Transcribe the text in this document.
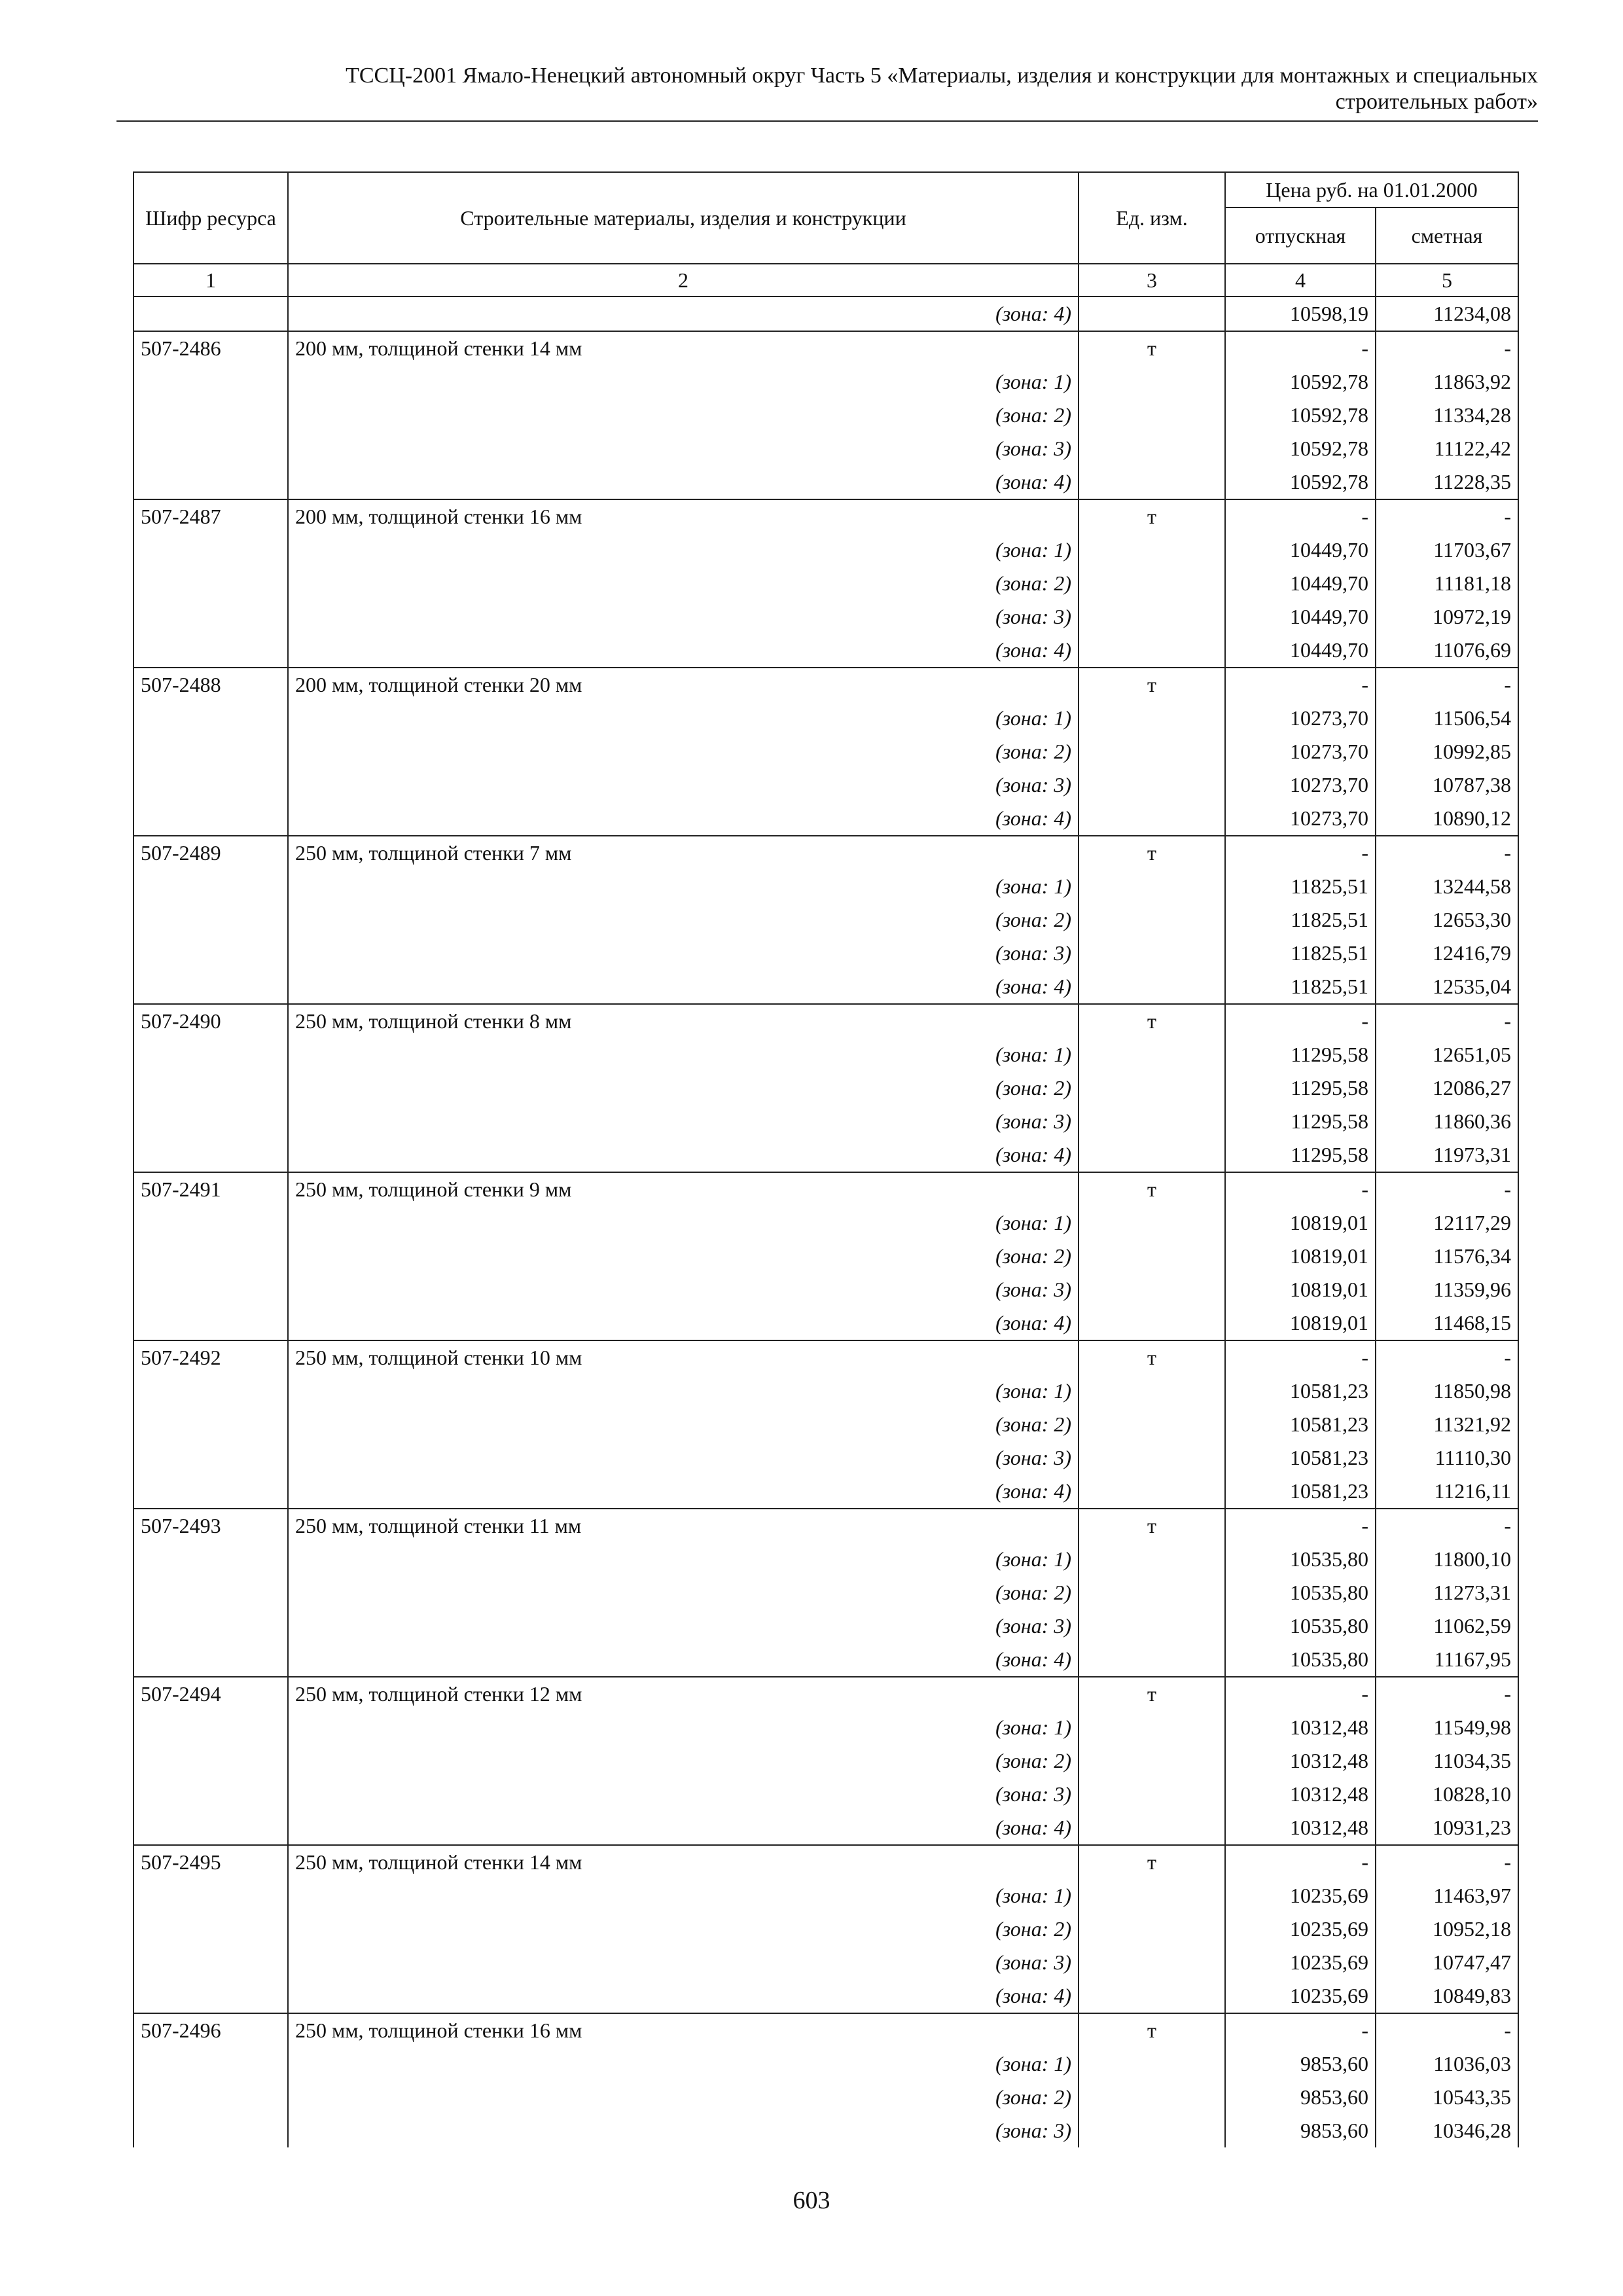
ТССЦ-2001 Ямало-Ненецкий автономный округ Часть 5 «Материалы, изделия и конструкции для монтажных и специальных
строительных работ»
Шифр ресурса	Строительные материалы, изделия и конструкции	Ед. изм.	Цена руб. на 01.01.2000	
			отпускная	сметная
1	2	3	4	5
	(зона: 4)		10598,19	11234,08
507-2486	200 мм, толщиной стенки 14 мм	т	-	-
	(зона: 1)		10592,78	11863,92
	(зона: 2)		10592,78	11334,28
	(зона: 3)		10592,78	11122,42
	(зона: 4)		10592,78	11228,35
507-2487	200 мм, толщиной стенки 16 мм	т	-	-
	(зона: 1)		10449,70	11703,67
	(зона: 2)		10449,70	11181,18
	(зона: 3)		10449,70	10972,19
	(зона: 4)		10449,70	11076,69
507-2488	200 мм, толщиной стенки 20 мм	т	-	-
	(зона: 1)		10273,70	11506,54
	(зона: 2)		10273,70	10992,85
	(зона: 3)		10273,70	10787,38
	(зона: 4)		10273,70	10890,12
507-2489	250 мм, толщиной стенки 7 мм	т	-	-
	(зона: 1)		11825,51	13244,58
	(зона: 2)		11825,51	12653,30
	(зона: 3)		11825,51	12416,79
	(зона: 4)		11825,51	12535,04
507-2490	250 мм, толщиной стенки 8 мм	т	-	-
	(зона: 1)		11295,58	12651,05
	(зона: 2)		11295,58	12086,27
	(зона: 3)		11295,58	11860,36
	(зона: 4)		11295,58	11973,31
507-2491	250 мм, толщиной стенки 9 мм	т	-	-
	(зона: 1)		10819,01	12117,29
	(зона: 2)		10819,01	11576,34
	(зона: 3)		10819,01	11359,96
	(зона: 4)		10819,01	11468,15
507-2492	250 мм, толщиной стенки 10 мм	т	-	-
	(зона: 1)		10581,23	11850,98
	(зона: 2)		10581,23	11321,92
	(зона: 3)		10581,23	11110,30
	(зона: 4)		10581,23	11216,11
507-2493	250 мм, толщиной стенки 11 мм	т	-	-
	(зона: 1)		10535,80	11800,10
	(зона: 2)		10535,80	11273,31
	(зона: 3)		10535,80	11062,59
	(зона: 4)		10535,80	11167,95
507-2494	250 мм, толщиной стенки 12 мм	т	-	-
	(зона: 1)		10312,48	11549,98
	(зона: 2)		10312,48	11034,35
	(зона: 3)		10312,48	10828,10
	(зона: 4)		10312,48	10931,23
507-2495	250 мм, толщиной стенки 14 мм	т	-	-
	(зона: 1)		10235,69	11463,97
	(зона: 2)		10235,69	10952,18
	(зона: 3)		10235,69	10747,47
	(зона: 4)		10235,69	10849,83
507-2496	250 мм, толщиной стенки 16 мм	т	-	-
	(зона: 1)		9853,60	11036,03
	(зона: 2)		9853,60	10543,35
	(зона: 3)		9853,60	10346,28
603
